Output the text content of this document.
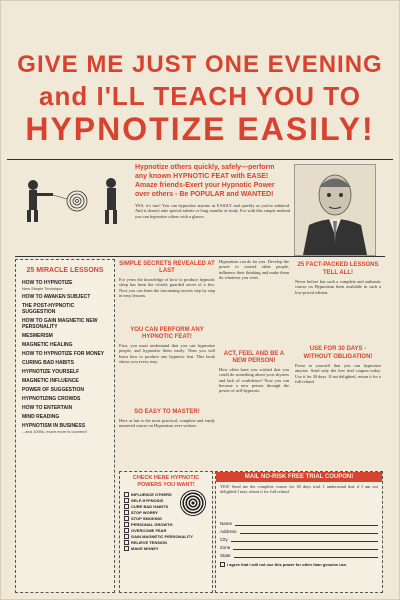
GIVE ME JUST ONE EVENING
and I'LL TEACH YOU TO
HYPNOTIZE EASILY!
Hypnotize others quickly, safely—perform
any known HYPNOTIC FEAT with EASE!
Amaze friends-Exert your Hypnotic Power
over others - Be POPULAR and WANTED!
YES, it's true! You can hypnotize anyone as EASILY and quickly as you've admired. And it doesn't take special talents or long months of study. For with this simple method you can hypnotize others with a glance.
25 MIRACLE LESSONS
HOW TO HYPNOTIZE
New Simple Technique
HOW TO AWAKEN SUBJECT
THE POST-HYPNOTIC SUGGESTION
HOW TO GAIN MAGNETIC NEW PERSONALITY
MESMERISM
MAGNETIC HEALING
HOW TO HYPNOTIZE FOR MONEY
CURING BAD HABITS
HYPNOTIZE YOURSELF
MAGNETIC INFLUENCE
POWER OF SUGGESTION
HYPNOTIZING CROWDS
HOW TO ENTERTAIN
MIND READING
HYPNOTISM IN BUSINESS
...and 1000s, much more is covered!
SIMPLE SECRETS REVEALED AT LAST
For years the knowledge of how to produce hypnotic sleep has been the closely guarded secret of a few. Now you can learn the fascinating secrets step by step in easy lessons.
YOU CAN PERFORM ANY HYPNOTIC FEAT!
First, you must understand that you can hypnotize people, and hypnotize them easily. Then you will learn how to produce any hypnotic feat. This book shows you every step.
SO EASY TO MASTER!
Here at last is the most practical, complete and easily mastered course on Hypnotism ever written.
Hypnotism can do for you. Develop the power to control other people, influence their thinking and make them do whatever you wish.
ACT, FEEL AND BE A NEW PERSON!
How often have you wished that you could do something about your shyness and lack of confidence? Now you can become a new person through the power of self-hypnosis.
25 FACT-PACKED LESSONS TELL ALL!
Never before has such a complete and authentic course on Hypnotism been available in such a low-priced edition.
USE FOR 30 DAYS - WITHOUT OBLIGATION!
Prove to yourself that you can hypnotize anyone. Send only the free trial coupon today. Use it for 30 days. If not delighted, return it for a full refund.
CHECK HERE HYPNOTIC POWERS YOU WANT!
INFLUENCE OTHERS
SELF-HYPNOSIS
CURE BAD HABITS
STOP WORRY
STOP SMOKING
PERSONAL GROWTH
OVERCOME FEAR
GAIN MAGNETIC PERSONALITY
RELIEVE TENSION
MAKE MONEY
MAIL NO-RISK FREE TRIAL COUPON!
YES! Send me the complete course for 30 days trial. I understand that if I am not delighted I may return it for full refund.
Name
Address
City
Zone
State
I agree that I will not use this power for other than genuine use.
